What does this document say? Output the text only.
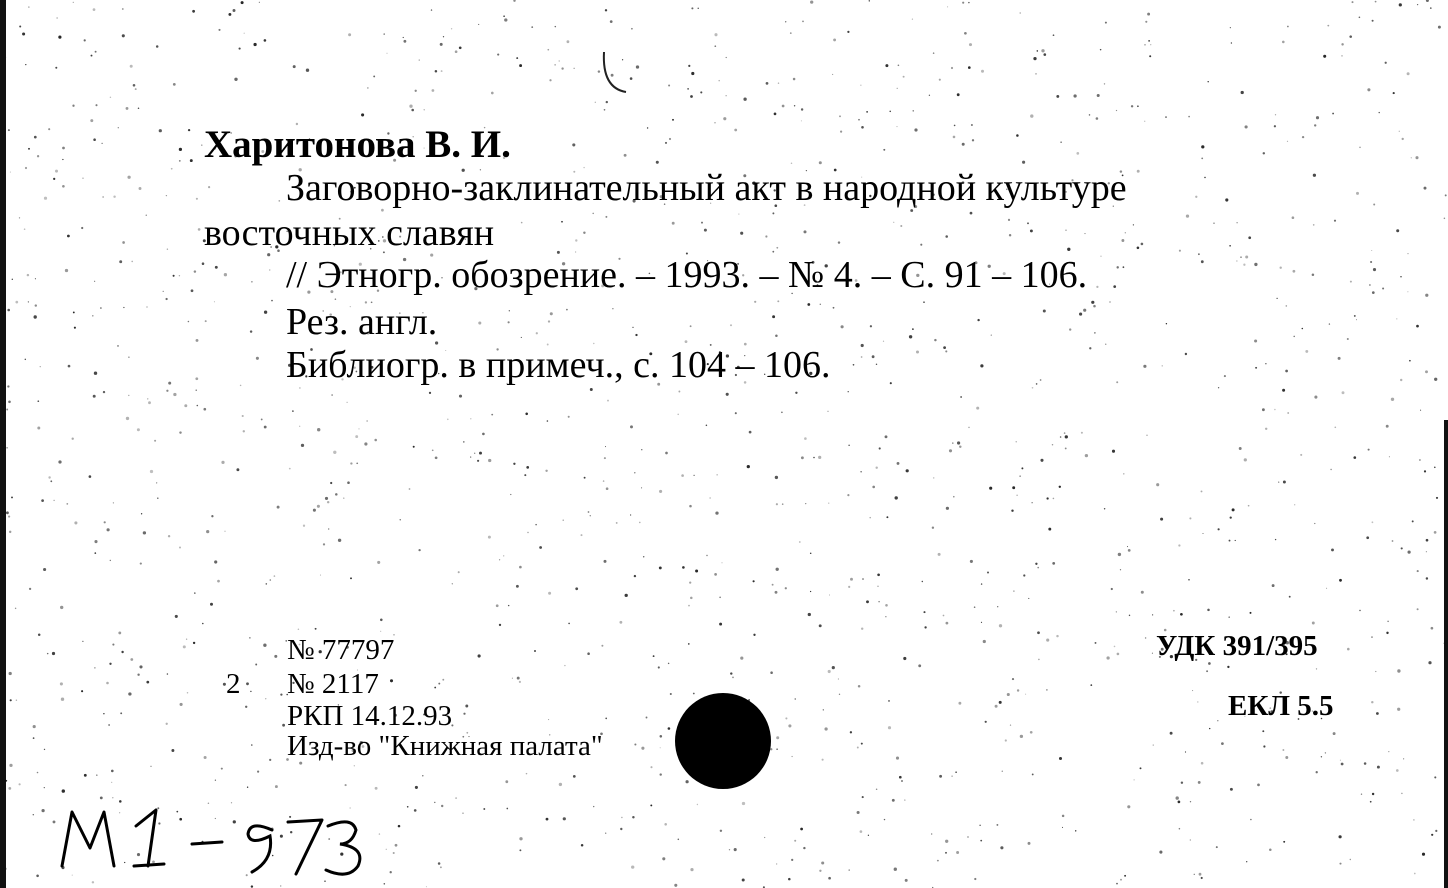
Харитонова В. И.
Заговорно-заклинательный акт в народной культуре
восточных славян
// Этногр. обозрение. – 1993. – № 4. – С. 91 – 106.
Рез. англ.
Библиогр. в примеч., с. 104 – 106.
№ 77797
2 № 2117
РКП 14.12.93
Изд-во "Книжная палата"
УДК 391/395
ЕКЛ 5.5
